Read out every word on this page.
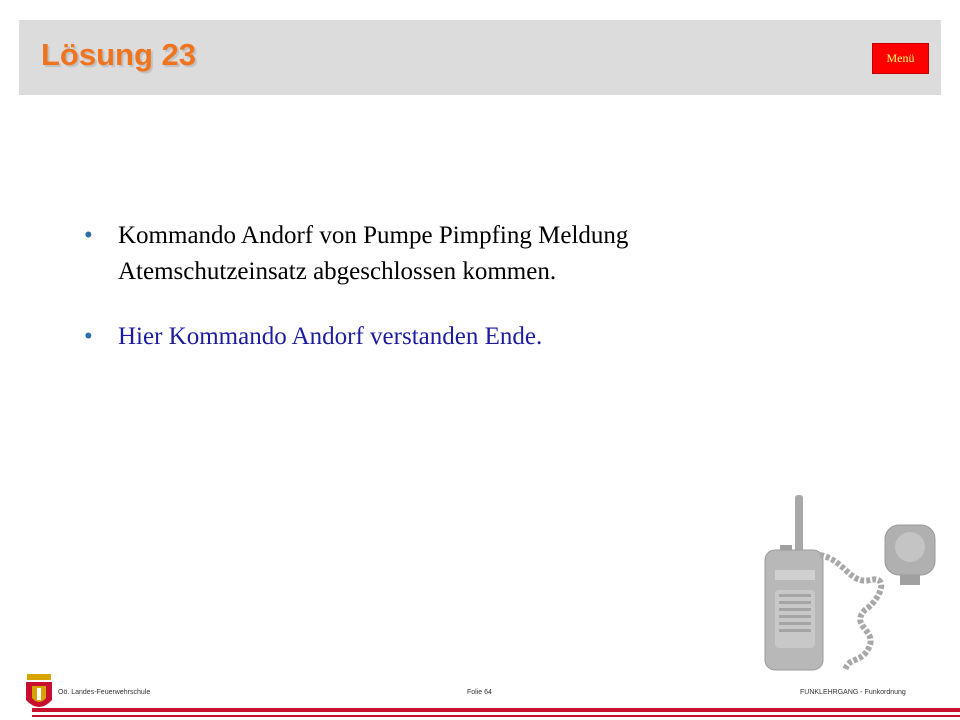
Lösung 23	Menü
• Kommando Andorf von Pumpe Pimpfing Meldung Atemschutzeinsatz abgeschlossen kommen.
• Hier Kommando Andorf verstanden Ende.
Oö. Landes-Feuerwehrschule	Folie 64	FUNKLEHRGANG - Funkordnung
